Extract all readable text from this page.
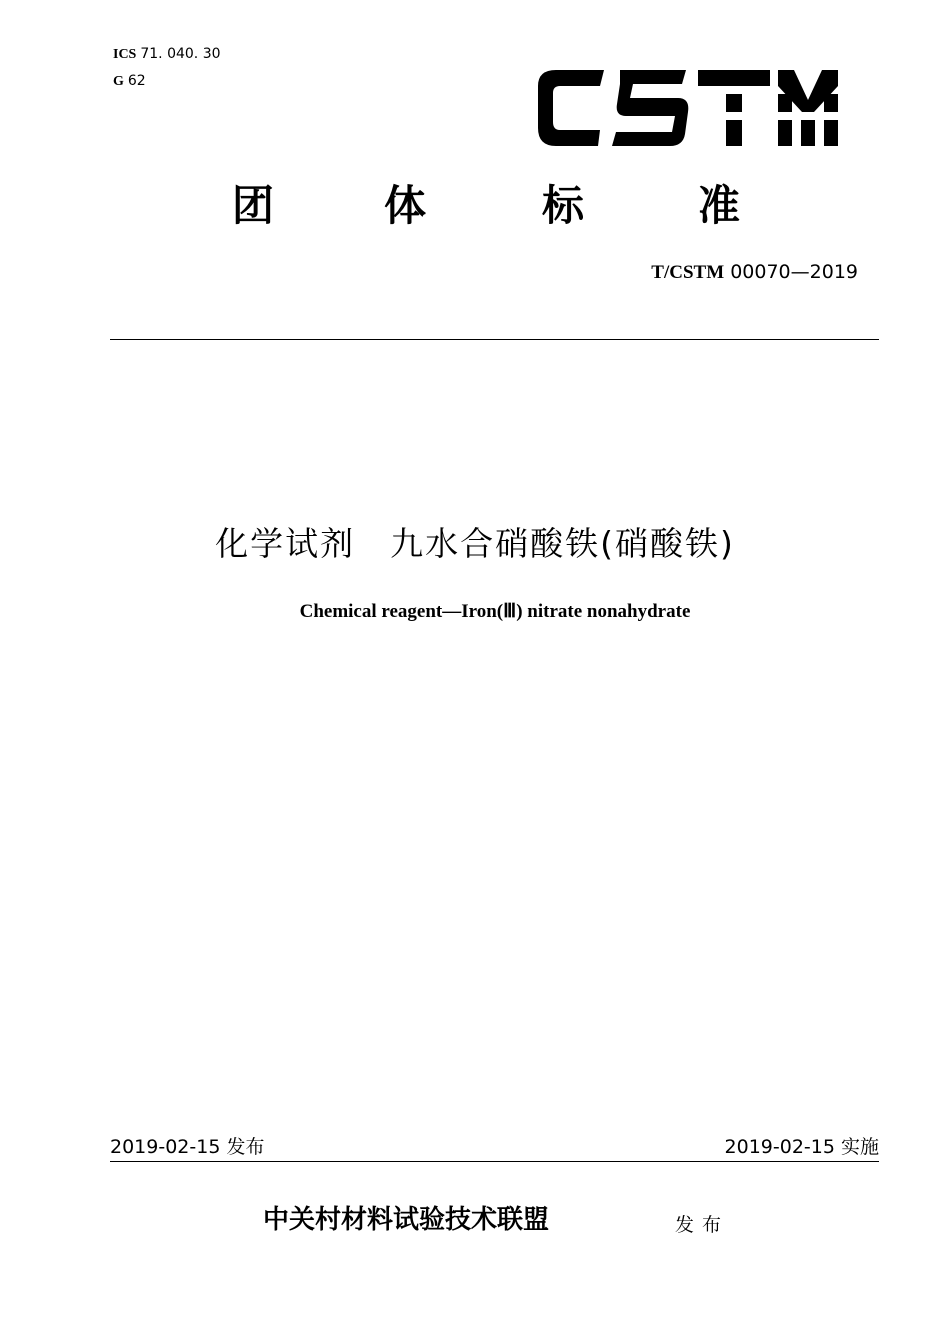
ICS 71. 040. 30
G 62
团	体	标	准
T/CSTM 00070—2019
化学试剂　九水合硝酸铁(硝酸铁)
Chemical reagent—Iron(Ⅲ) nitrate nonahydrate
2019-02-15 发布	2019-02-15 实施
中关村材料试验技术联盟	发布
